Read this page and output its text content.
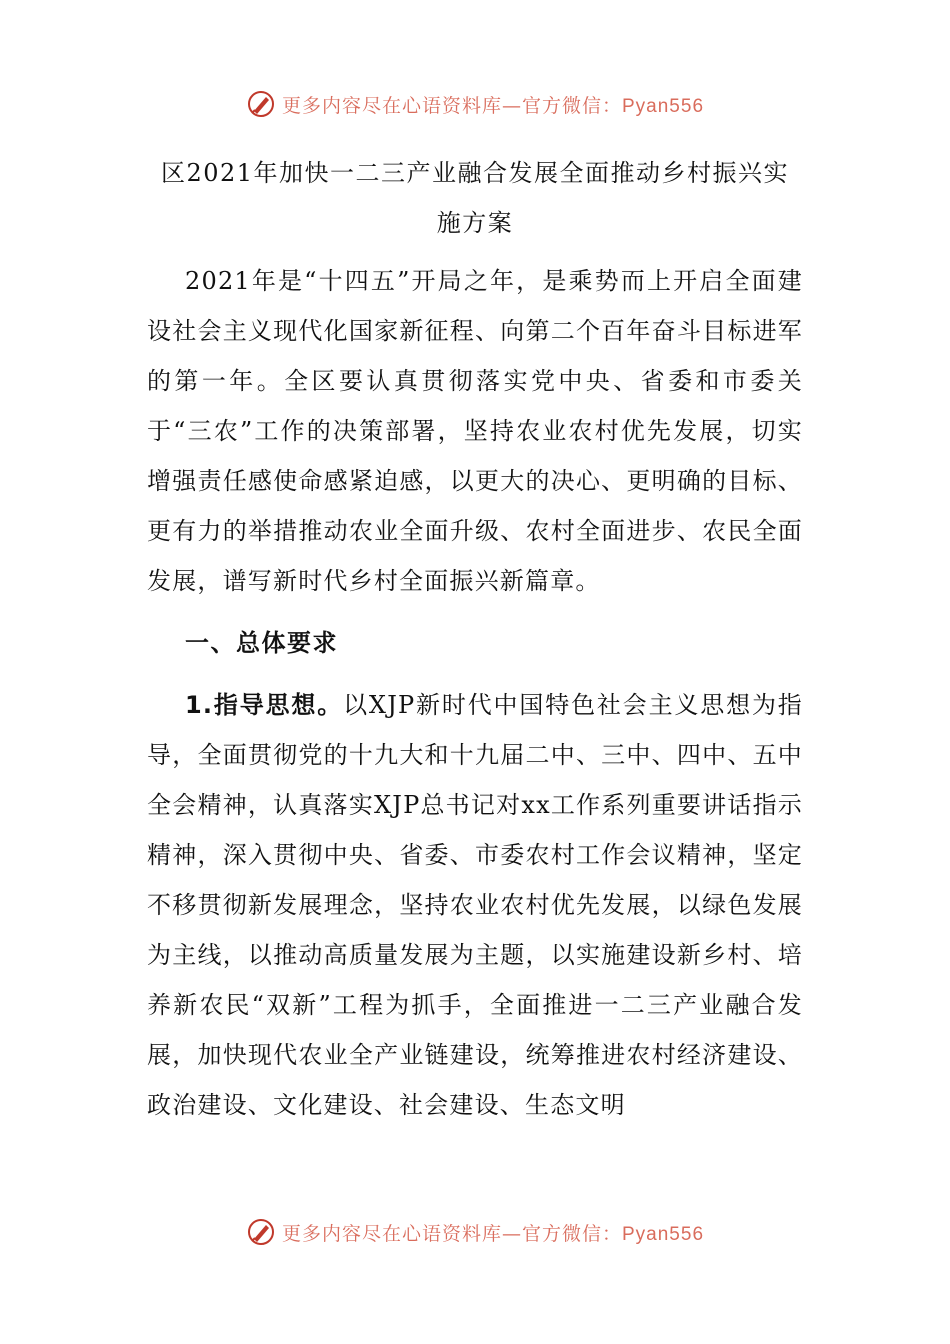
更多内容尽在心语资料库—官方微信：Pyan556
区2021年加快一二三产业融合发展全面推动乡村振兴实
施方案

2021年是“十四五”开局之年，是乘势而上开启全面建设社会主义现代化国家新征程、向第二个百年奋斗目标进军的第一年。全区要认真贯彻落实党中央、省委和市委关于“三农”工作的决策部署，坚持农业农村优先发展，切实增强责任感使命感紧迫感，以更大的决心、更明确的目标、更有力的举措推动农业全面升级、农村全面进步、农民全面发展，谱写新时代乡村全面振兴新篇章。

一、总体要求

1.指导思想。以XJP新时代中国特色社会主义思想为指导，全面贯彻党的十九大和十九届二中、三中、四中、五中全会精神，认真落实XJP总书记对xx工作系列重要讲话指示精神，深入贯彻中央、省委、市委农村工作会议精神，坚定不移贯彻新发展理念，坚持农业农村优先发展，以绿色发展为主线，以推动高质量发展为主题，以实施建设新乡村、培养新农民“双新”工程为抓手，全面推进一二三产业融合发展，加快现代农业全产业链建设，统筹推进农村经济建设、政治建设、文化建设、社会建设、生态文明

更多内容尽在心语资料库—官方微信：Pyan556
